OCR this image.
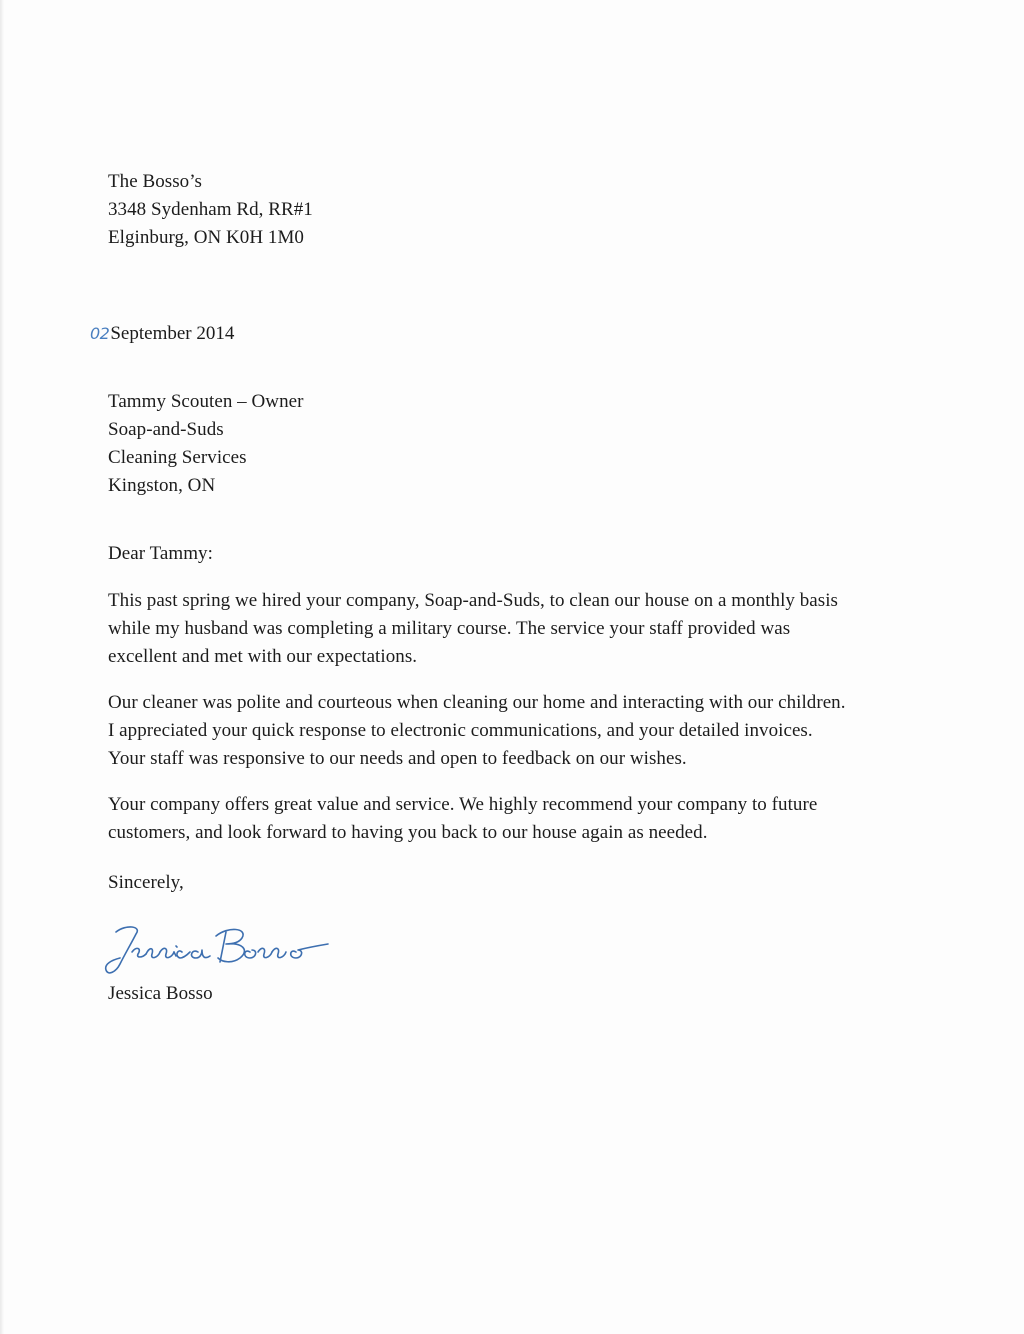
The Bosso’s
3348 Sydenham Rd, RR#1
Elginburg, ON K0H 1M0
02September 2014
Tammy Scouten – Owner
Soap-and-Suds
Cleaning Services
Kingston, ON
Dear Tammy:
This past spring we hired your company, Soap-and-Suds, to clean our house on a monthly basis
while my husband was completing a military course. The service your staff provided was
excellent and met with our expectations.
Our cleaner was polite and courteous when cleaning our home and interacting with our children.
I appreciated your quick response to electronic communications, and your detailed invoices.
Your staff was responsive to our needs and open to feedback on our wishes.
Your company offers great value and service. We highly recommend your company to future
customers, and look forward to having you back to our house again as needed.
Sincerely,
Jessica Bosso
